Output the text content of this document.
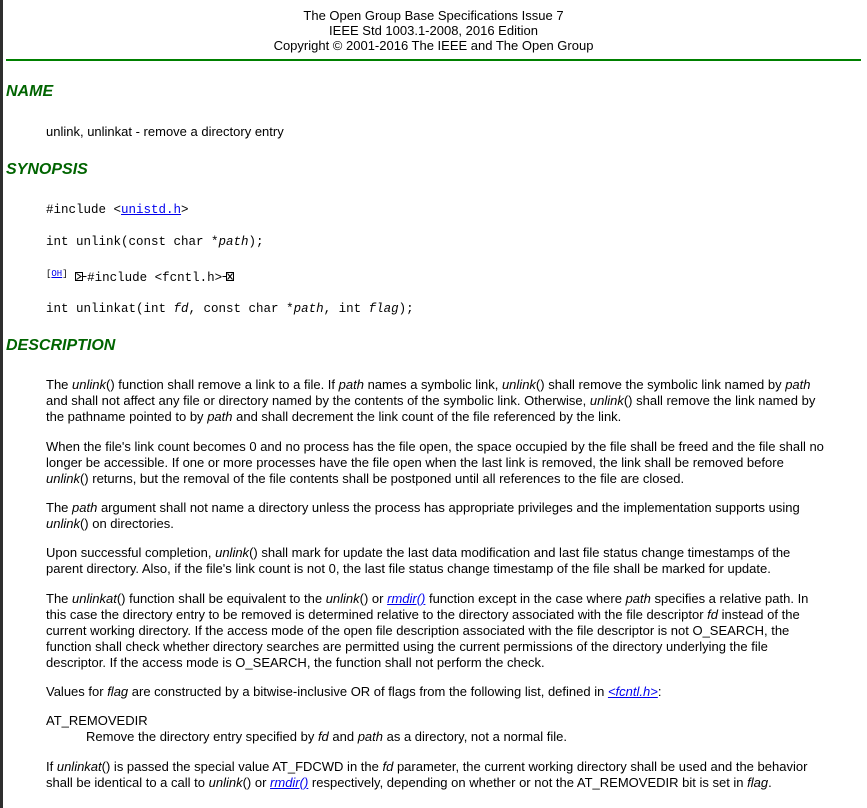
The Open Group Base Specifications Issue 7
IEEE Std 1003.1-2008, 2016 Edition
Copyright © 2001-2016 The IEEE and The Open Group
NAME
unlink, unlinkat - remove a directory entry
SYNOPSIS
#include <unistd.h>
int unlink(const char *path);
[OH] #include <fcntl.h>
int unlinkat(int fd, const char *path, int flag);
DESCRIPTION
The unlink() function shall remove a link to a file. If path names a symbolic link, unlink() shall remove the symbolic link named by path and shall not affect any file or directory named by the contents of the symbolic link. Otherwise, unlink() shall remove the link named by the pathname pointed to by path and shall decrement the link count of the file referenced by the link.
When the file's link count becomes 0 and no process has the file open, the space occupied by the file shall be freed and the file shall no longer be accessible. If one or more processes have the file open when the last link is removed, the link shall be removed before unlink() returns, but the removal of the file contents shall be postponed until all references to the file are closed.
The path argument shall not name a directory unless the process has appropriate privileges and the implementation supports using unlink() on directories.
Upon successful completion, unlink() shall mark for update the last data modification and last file status change timestamps of the parent directory. Also, if the file's link count is not 0, the last file status change timestamp of the file shall be marked for update.
The unlinkat() function shall be equivalent to the unlink() or rmdir() function except in the case where path specifies a relative path. In this case the directory entry to be removed is determined relative to the directory associated with the file descriptor fd instead of the current working directory. If the access mode of the open file description associated with the file descriptor is not O_SEARCH, the function shall check whether directory searches are permitted using the current permissions of the directory underlying the file descriptor. If the access mode is O_SEARCH, the function shall not perform the check.
Values for flag are constructed by a bitwise-inclusive OR of flags from the following list, defined in <fcntl.h>:
AT_REMOVEDIR
Remove the directory entry specified by fd and path as a directory, not a normal file.
If unlinkat() is passed the special value AT_FDCWD in the fd parameter, the current working directory shall be used and the behavior shall be identical to a call to unlink() or rmdir() respectively, depending on whether or not the AT_REMOVEDIR bit is set in flag.
